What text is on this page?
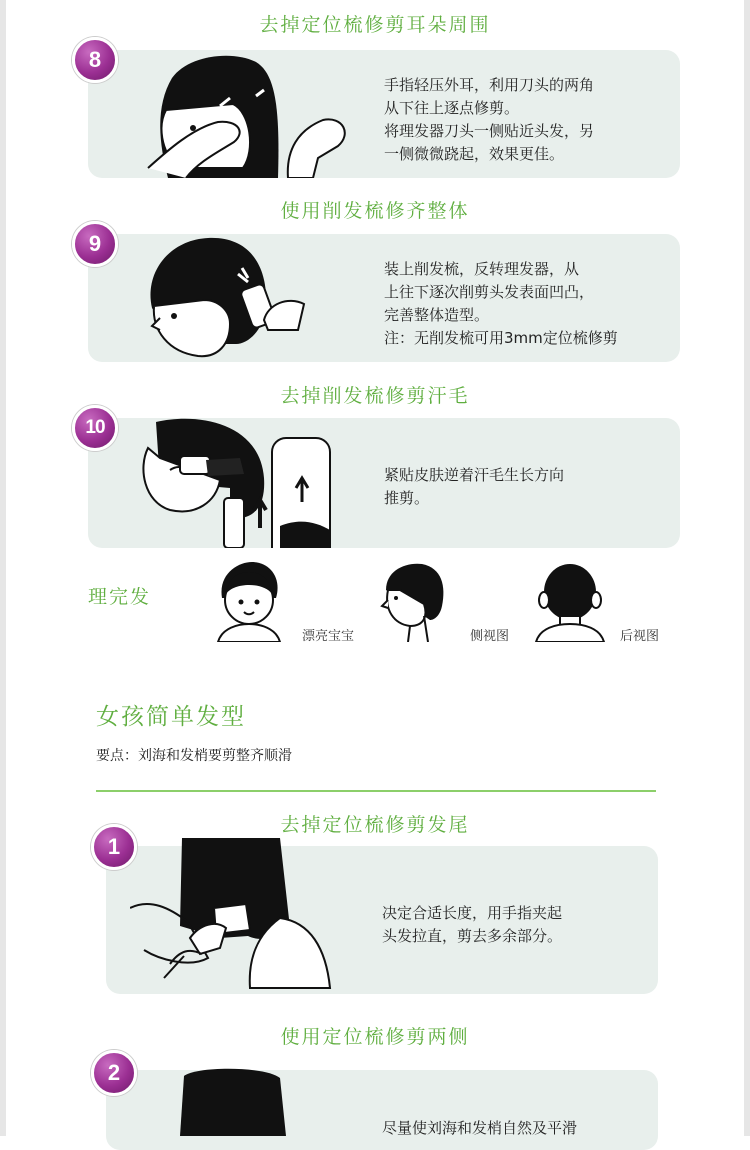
去掉定位梳修剪耳朵周围
8
手指轻压外耳，利用刀头的两角
从下往上逐点修剪。
将理发器刀头一侧贴近头发，另
一侧微微跷起，效果更佳。
使用削发梳修齐整体
9
装上削发梳，反转理发器，从
上往下逐次削剪头发表面凹凸，
完善整体造型。
注：无削发梳可用3mm定位梳修剪
去掉削发梳修剪汗毛
10
紧贴皮肤逆着汗毛生长方向
推剪。
理完发
漂亮宝宝	侧视图	后视图
女孩简单发型
要点：刘海和发梢要剪整齐顺滑
去掉定位梳修剪发尾
1
决定合适长度，用手指夹起
头发拉直，剪去多余部分。
使用定位梳修剪两侧
2
尽量使刘海和发梢自然及平滑
